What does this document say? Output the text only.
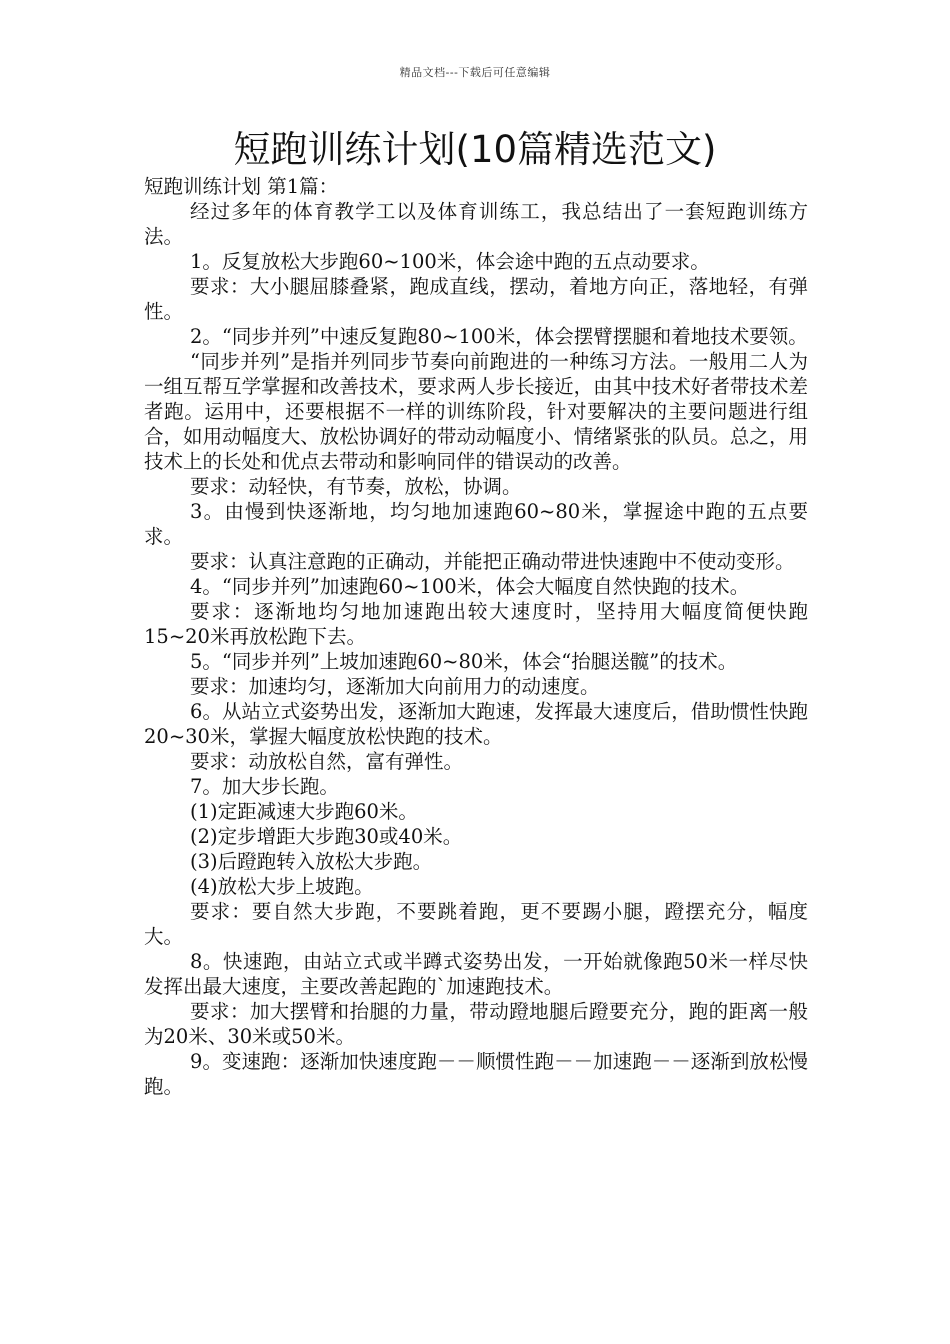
精品文档---下载后可任意编辑
短跑训练计划(10篇精选范文)

短跑训练计划 第1篇：

经过多年的体育教学工以及体育训练工，我总结出了一套短跑训练方法。

1。反复放松大步跑60~100米，体会途中跑的五点动要求。

要求：大小腿屈膝叠紧，跑成直线，摆动，着地方向正，落地轻，有弹性。

2。“同步并列”中速反复跑80~100米，体会摆臂摆腿和着地技术要领。

“同步并列”是指并列同步节奏向前跑进的一种练习方法。一般用二人为一组互帮互学掌握和改善技术，要求两人步长接近，由其中技术好者带技术差者跑。运用中，还要根据不一样的训练阶段，针对要解决的主要问题进行组合，如用动幅度大、放松协调好的带动动幅度小、情绪紧张的队员。总之，用技术上的长处和优点去带动和影响同伴的错误动的改善。

要求：动轻快，有节奏，放松，协调。

3。由慢到快逐渐地，均匀地加速跑60~80米，掌握途中跑的五点要求。

要求：认真注意跑的正确动，并能把正确动带进快速跑中不使动变形。

4。“同步并列”加速跑60~100米，体会大幅度自然快跑的技术。

要求：逐渐地均匀地加速跑出较大速度时，坚持用大幅度简便快跑15~20米再放松跑下去。

5。“同步并列”上坡加速跑60~80米，体会“抬腿送髋”的技术。

要求：加速均匀，逐渐加大向前用力的动速度。

6。从站立式姿势出发，逐渐加大跑速，发挥最大速度后，借助惯性快跑20~30米，掌握大幅度放松快跑的技术。

要求：动放松自然，富有弹性。

7。加大步长跑。

(1)定距减速大步跑60米。

(2)定步增距大步跑30或40米。

(3)后蹬跑转入放松大步跑。

(4)放松大步上坡跑。

要求：要自然大步跑，不要跳着跑，更不要踢小腿，蹬摆充分，幅度大。

8。快速跑，由站立式或半蹲式姿势出发，一开始就像跑50米一样尽快发挥出最大速度，主要改善起跑的`加速跑技术。

要求：加大摆臂和抬腿的力量，带动蹬地腿后蹬要充分，跑的距离一般为20米、30米或50米。

9。变速跑：逐渐加快速度跑－－顺惯性跑－－加速跑－－逐渐到放松慢跑。
